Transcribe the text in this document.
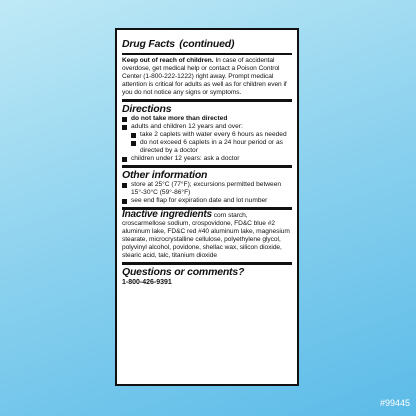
Drug Facts (continued)
Keep out of reach of children. In case of accidental overdose, get medical help or contact a Poison Control Center (1-800-222-1222) right away. Prompt medical attention is critical for adults as well as for children even if you do not notice any signs or symptoms.
Directions
do not take more than directed
adults and children 12 years and over:
take 2 caplets with water every 6 hours as needed
do not exceed 6 caplets in a 24 hour period or as directed by a doctor
children under 12 years: ask a doctor
Other information
store at 25°C (77°F); excursions permitted between 15°-30°C (59°-86°F)
see end flap for expiration date and lot number
Inactive ingredients corn starch, croscarmellose sodium, crospovidone, FD&C blue #2 aluminum lake, FD&C red #40 aluminum lake, magnesium stearate, microcrystalline cellulose, polyethylene glycol, polyvinyl alcohol, povidone, shellac wax, silicon dioxide, stearic acid, talc, titanium dioxide
Questions or comments?
1-800-426-9391
#99445
